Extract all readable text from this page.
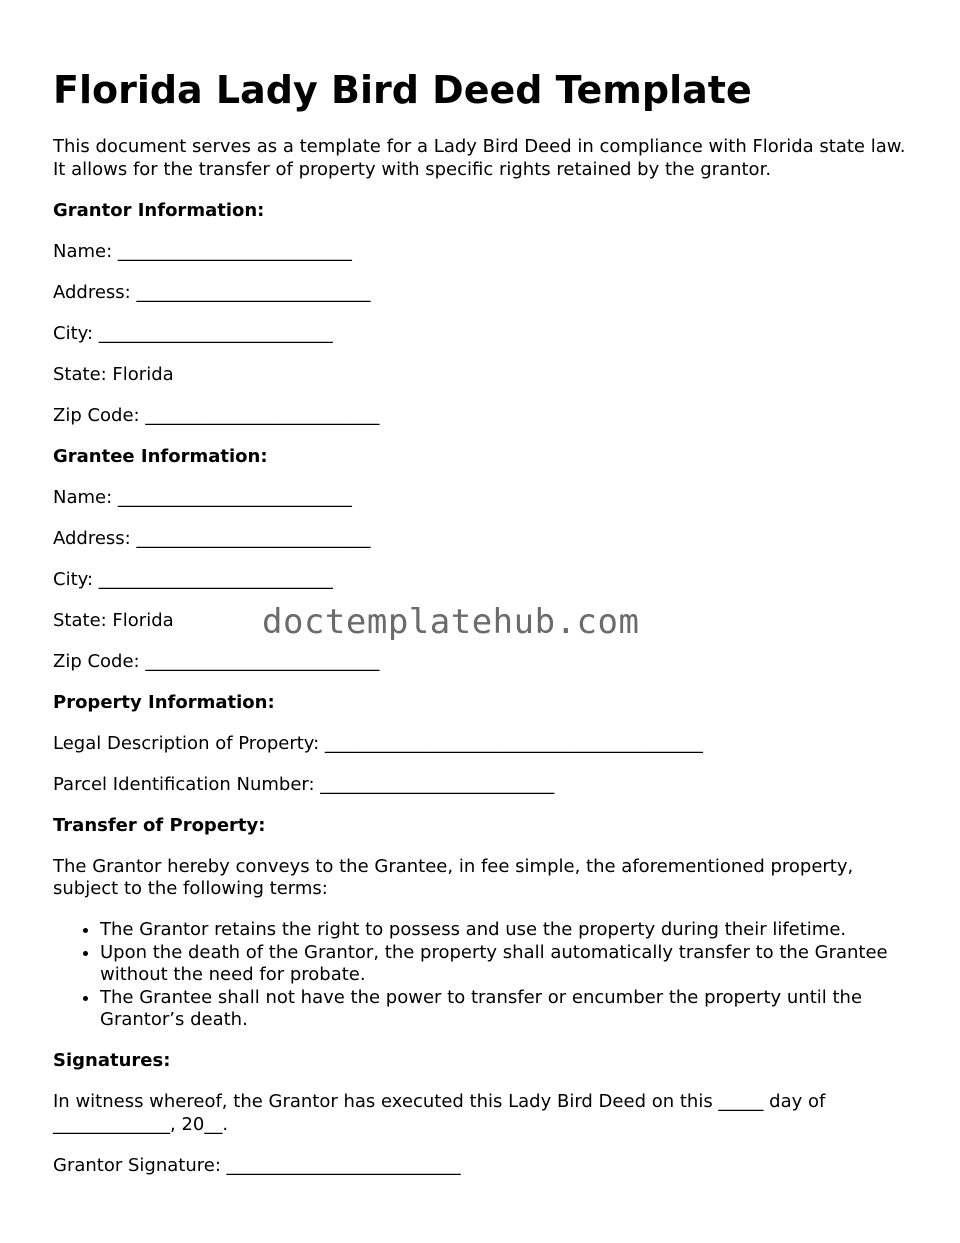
Florida Lady Bird Deed Template

This document serves as a template for a Lady Bird Deed in compliance with Florida state law. It allows for the transfer of property with specific rights retained by the grantor.

Grantor Information:

Name: __________________________

Address: __________________________

City: __________________________

State: Florida

Zip Code: __________________________

Grantee Information:

Name: __________________________

Address: __________________________

City: __________________________

State: Florida

Zip Code: __________________________

Property Information:

Legal Description of Property: __________________________________________

Parcel Identification Number: __________________________

Transfer of Property:

The Grantor hereby conveys to the Grantee, in fee simple, the aforementioned property, subject to the following terms:

• The Grantor retains the right to possess and use the property during their lifetime.
• Upon the death of the Grantor, the property shall automatically transfer to the Grantee without the need for probate.
• The Grantee shall not have the power to transfer or encumber the property until the Grantor’s death.

Signatures:

In witness whereof, the Grantor has executed this Lady Bird Deed on this _____ day of _____________, 20__.

Grantor Signature: __________________________

doctemplatehub.com
